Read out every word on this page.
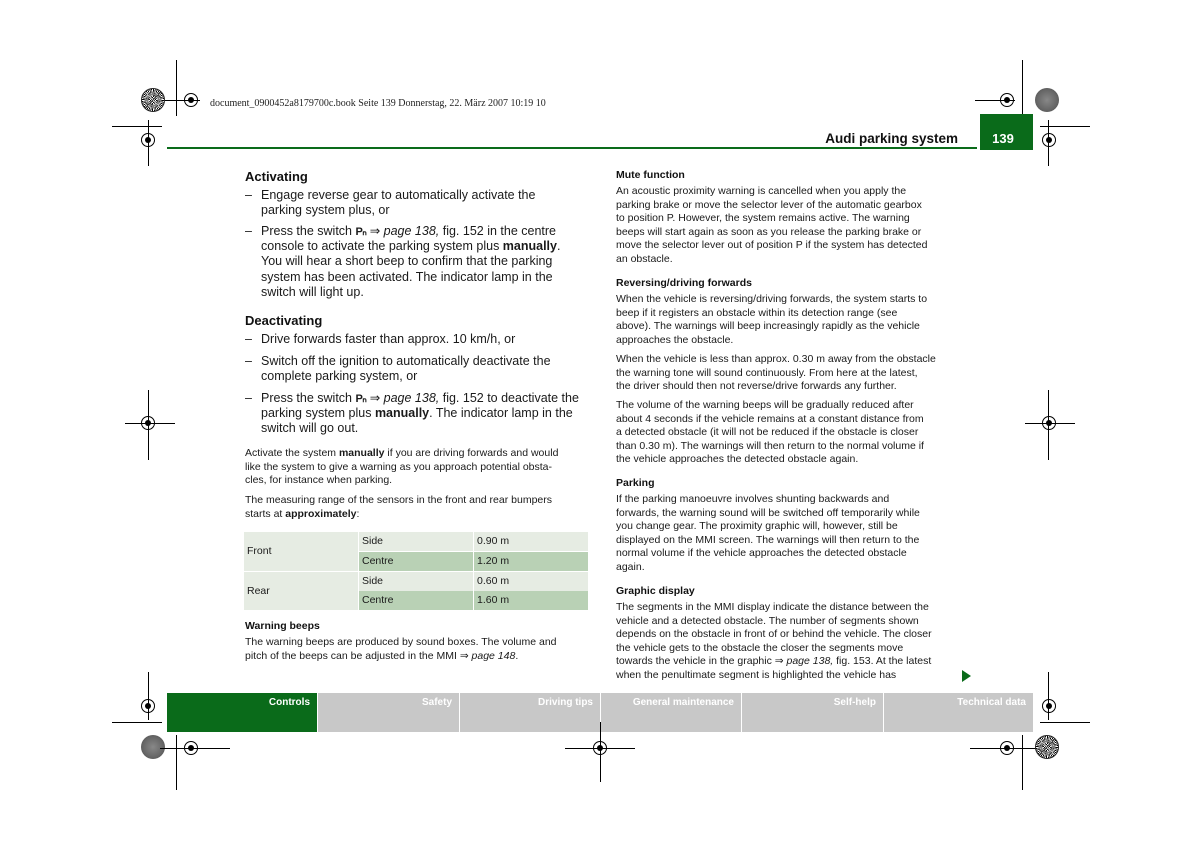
document_0900452a8179700c.book Seite 139 Donnerstag, 22. März 2007 10:19 10
Audi parking system	139
Activating
– Engage reverse gear to automatically activate the
parking system plus, or
– Press the switch Pₙ ⇒ page 138, fig. 152 in the centre
console to activate the parking system plus manually.
You will hear a short beep to confirm that the parking
system has been activated. The indicator lamp in the
switch will light up.
Deactivating
– Drive forwards faster than approx. 10 km/h, or
– Switch off the ignition to automatically deactivate the
complete parking system, or
– Press the switch Pₙ ⇒ page 138, fig. 152 to deactivate the
parking system plus manually. The indicator lamp in the
switch will go out.
Activate the system manually if you are driving forwards and would
like the system to give a warning as you approach potential obsta-
cles, for instance when parking.
The measuring range of the sensors in the front and rear bumpers
starts at approximately:
Front
Side	0.90 m
Centre	1.20 m
Rear
Side	0.60 m
Centre	1.60 m
Warning beeps
The warning beeps are produced by sound boxes. The volume and
pitch of the beeps can be adjusted in the MMI ⇒ page 148.
Mute function
An acoustic proximity warning is cancelled when you apply the
parking brake or move the selector lever of the automatic gearbox
to position P. However, the system remains active. The warning
beeps will start again as soon as you release the parking brake or
move the selector lever out of position P if the system has detected
an obstacle.
Reversing/driving forwards
When the vehicle is reversing/driving forwards, the system starts to
beep if it registers an obstacle within its detection range (see
above). The warnings will beep increasingly rapidly as the vehicle
approaches the obstacle.
When the vehicle is less than approx. 0.30 m away from the obstacle
the warning tone will sound continuously. From here at the latest,
the driver should then not reverse/drive forwards any further.
The volume of the warning beeps will be gradually reduced after
about 4 seconds if the vehicle remains at a constant distance from
a detected obstacle (it will not be reduced if the obstacle is closer
than 0.30 m). The warnings will then return to the normal volume if
the vehicle approaches the detected obstacle again.
Parking
If the parking manoeuvre involves shunting backwards and
forwards, the warning sound will be switched off temporarily while
you change gear. The proximity graphic will, however, still be
displayed on the MMI screen. The warnings will then return to the
normal volume if the vehicle approaches the detected obstacle
again.
Graphic display
The segments in the MMI display indicate the distance between the
vehicle and a detected obstacle. The number of segments shown
depends on the obstacle in front of or behind the vehicle. The closer
the vehicle gets to the obstacle the closer the segments move
towards the vehicle in the graphic ⇒ page 138, fig. 153. At the latest
when the penultimate segment is highlighted the vehicle has
Controls	Safety	Driving tips	General maintenance	Self-help	Technical data
